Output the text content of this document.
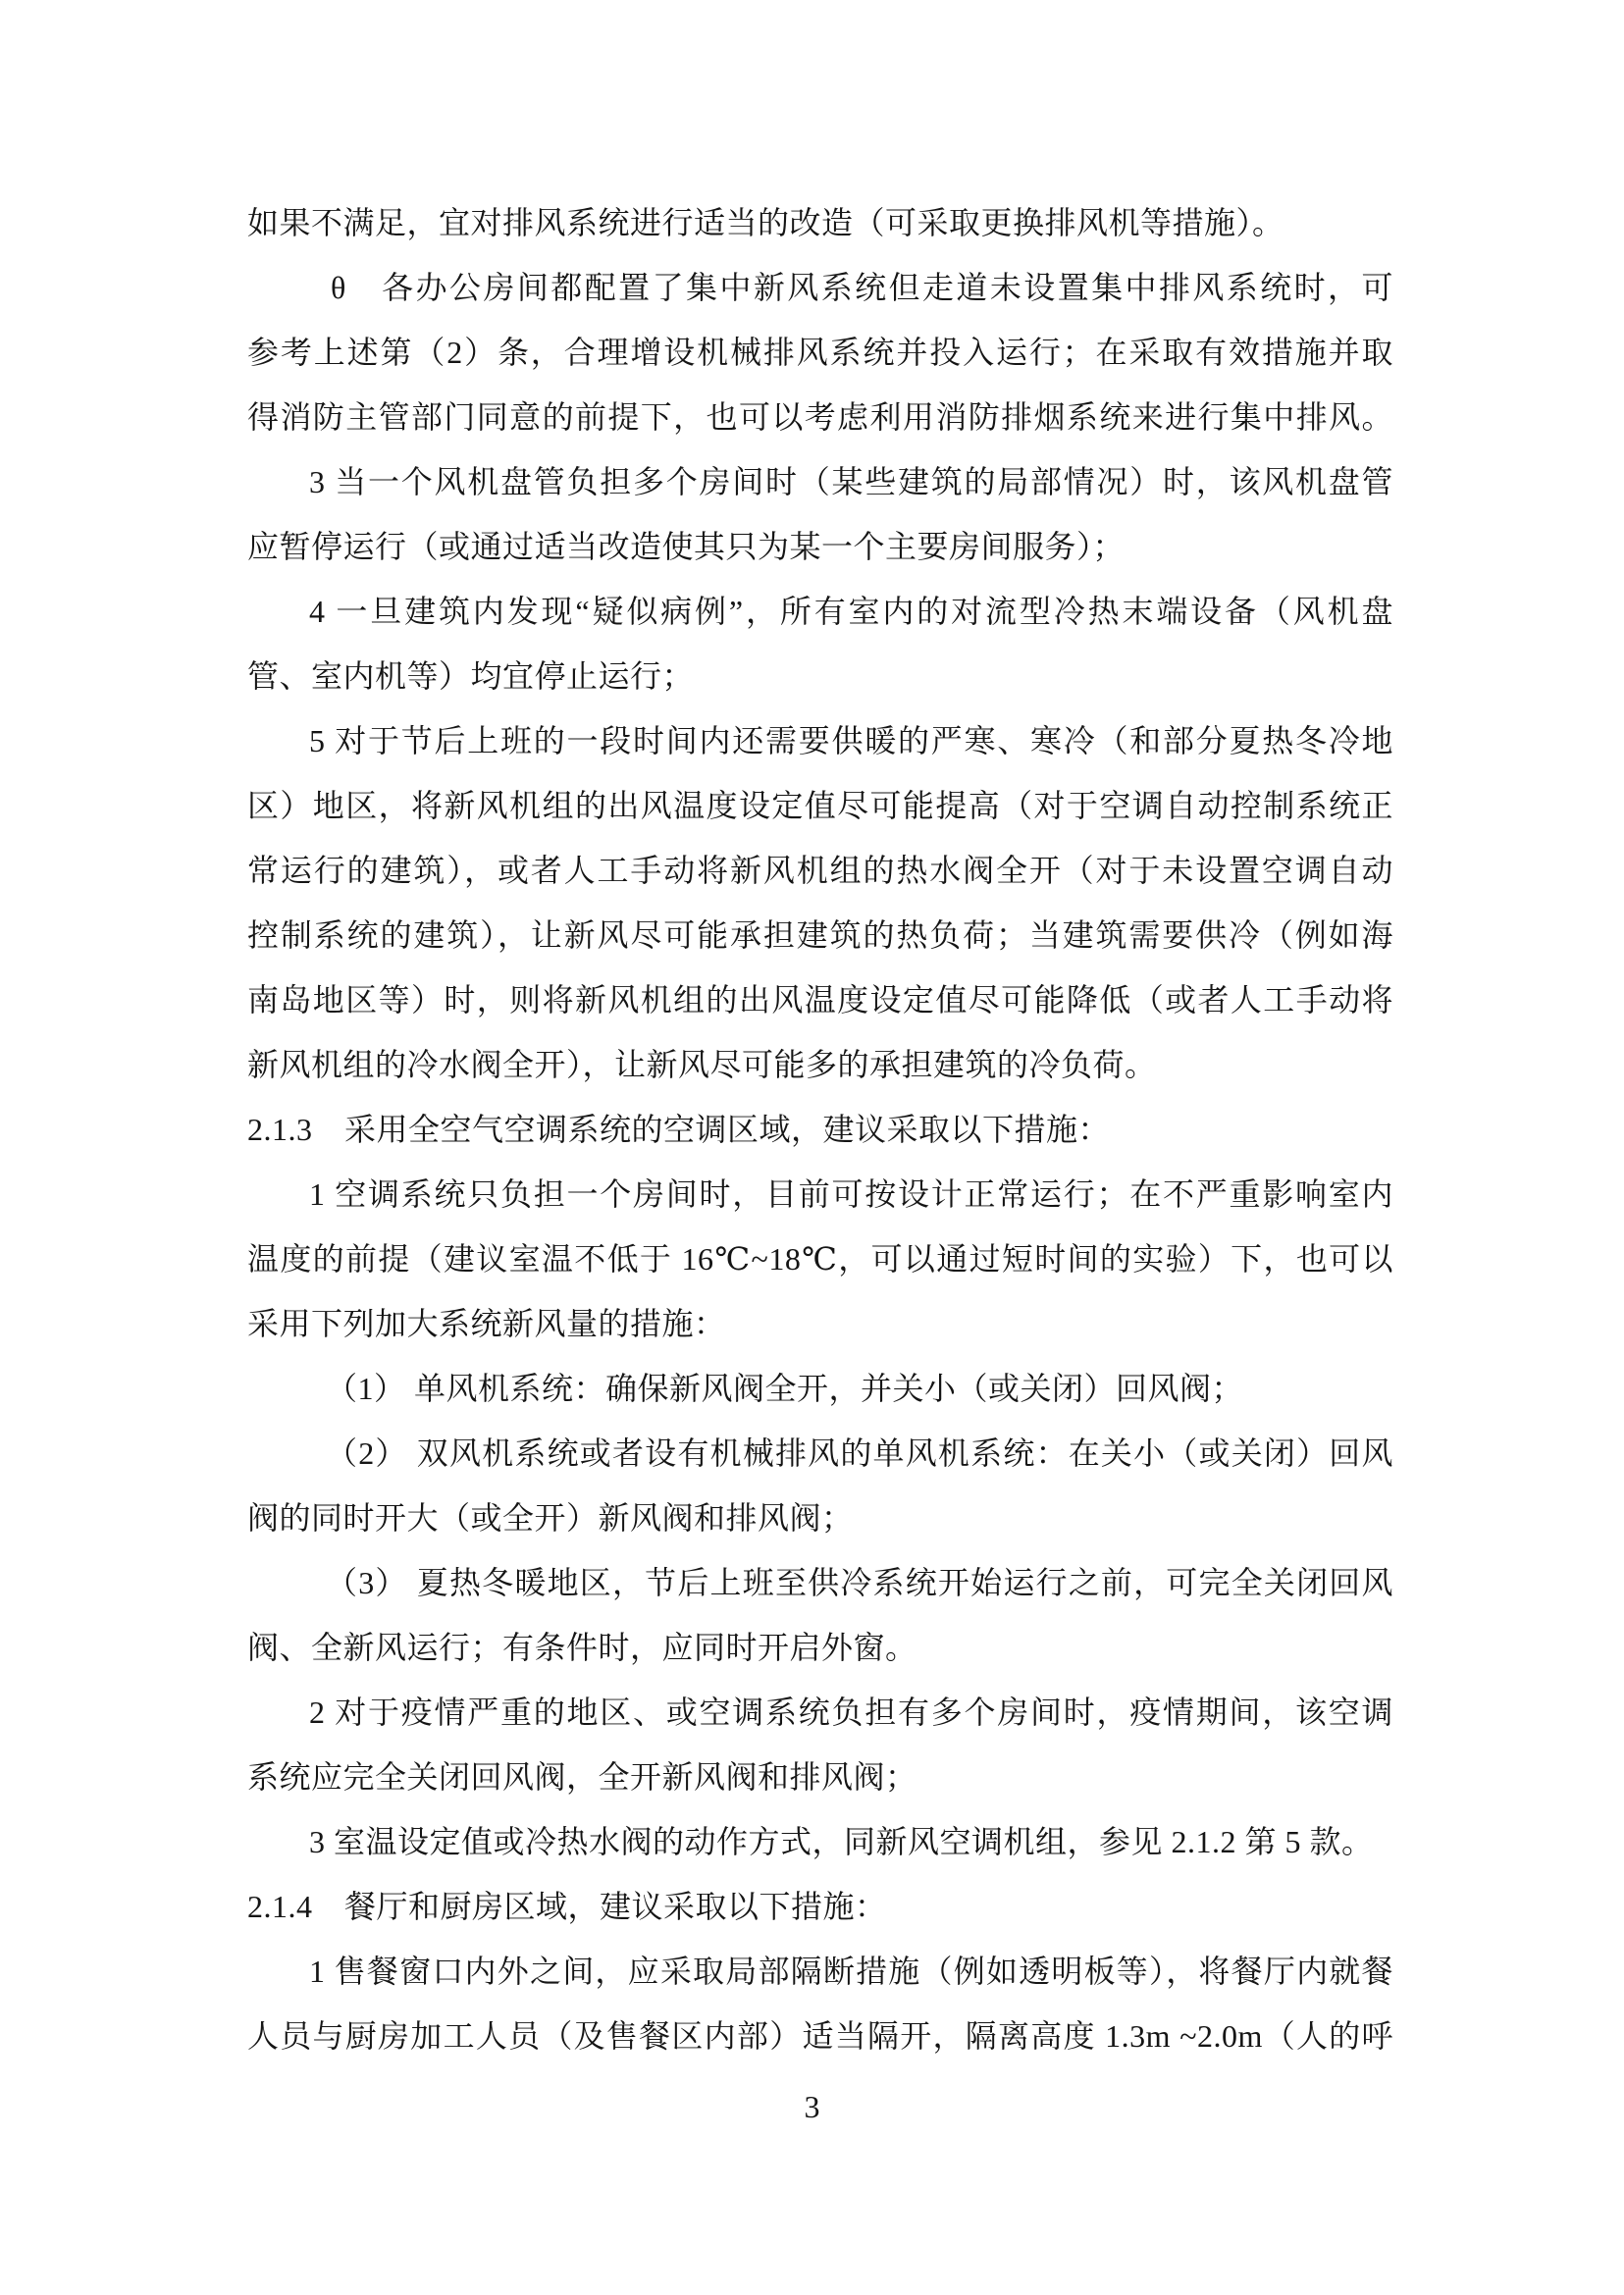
如果不满足，宜对排风系统进行适当的改造（可采取更换排风机等措施）。
θ　各办公房间都配置了集中新风系统但走道未设置集中排风系统时，可
参考上述第（2）条，合理增设机械排风系统并投入运行；在采取有效措施并取
得消防主管部门同意的前提下，也可以考虑利用消防排烟系统来进行集中排风。
3 当一个风机盘管负担多个房间时（某些建筑的局部情况）时，该风机盘管
应暂停运行（或通过适当改造使其只为某一个主要房间服务）；
4 一旦建筑内发现“疑似病例”，所有室内的对流型冷热末端设备（风机盘
管、室内机等）均宜停止运行；
5 对于节后上班的一段时间内还需要供暖的严寒、寒冷（和部分夏热冬冷地
区）地区，将新风机组的出风温度设定值尽可能提高（对于空调自动控制系统正
常运行的建筑），或者人工手动将新风机组的热水阀全开（对于未设置空调自动
控制系统的建筑），让新风尽可能承担建筑的热负荷；当建筑需要供冷（例如海
南岛地区等）时，则将新风机组的出风温度设定值尽可能降低（或者人工手动将
新风机组的冷水阀全开），让新风尽可能多的承担建筑的冷负荷。
2.1.3　采用全空气空调系统的空调区域，建议采取以下措施：
1 空调系统只负担一个房间时，目前可按设计正常运行；在不严重影响室内
温度的前提（建议室温不低于 16℃~18℃，可以通过短时间的实验）下，也可以
采用下列加大系统新风量的措施：
（1） 单风机系统：确保新风阀全开，并关小（或关闭）回风阀；
（2） 双风机系统或者设有机械排风的单风机系统：在关小（或关闭）回风
阀的同时开大（或全开）新风阀和排风阀；
（3） 夏热冬暖地区，节后上班至供冷系统开始运行之前，可完全关闭回风
阀、全新风运行；有条件时，应同时开启外窗。
2 对于疫情严重的地区、或空调系统负担有多个房间时，疫情期间，该空调
系统应完全关闭回风阀，全开新风阀和排风阀；
3 室温设定值或冷热水阀的动作方式，同新风空调机组，参见 2.1.2 第 5 款。
2.1.4　餐厅和厨房区域，建议采取以下措施：
1 售餐窗口内外之间，应采取局部隔断措施（例如透明板等），将餐厅内就餐
人员与厨房加工人员（及售餐区内部）适当隔开，隔离高度 1.3m ~2.0m（人的呼
3
